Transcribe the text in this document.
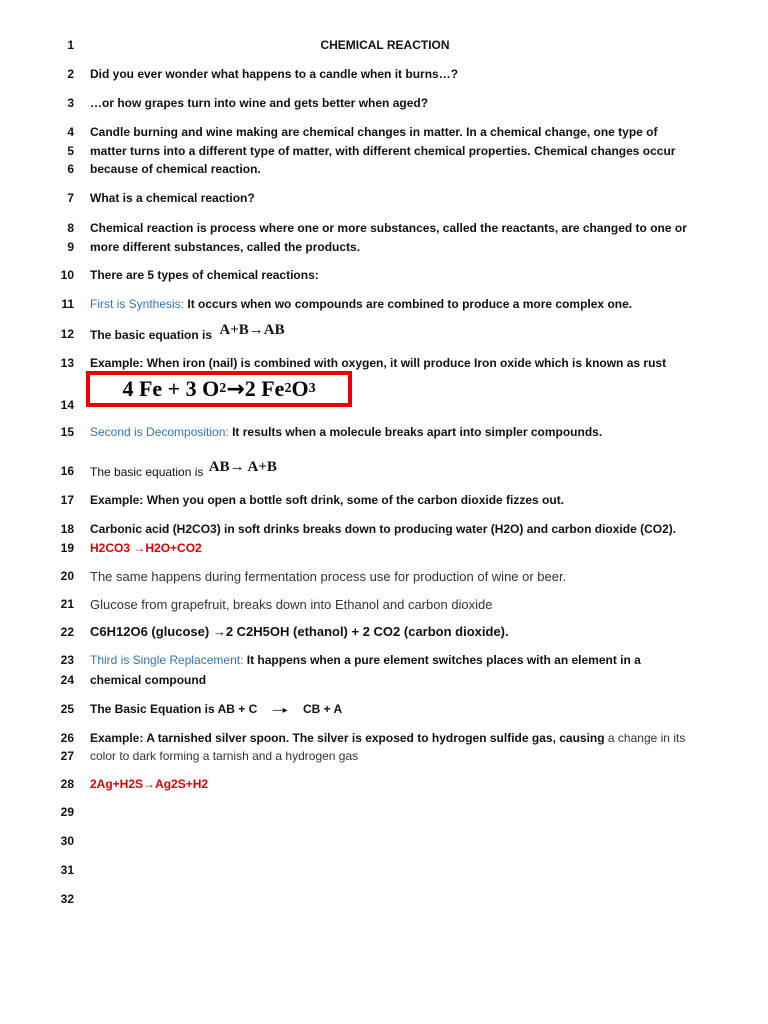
1
2
3
4
5
6
7
8
9
10
11
12
13
14
15
16
17
18
19
20
21
22
23
24
25
26
27
28
29
30
31
32
CHEMICAL REACTION
Did you ever wonder what happens to a candle when it burns…?
…or how grapes turn into wine and gets better when aged?
Candle burning and wine making are chemical changes in matter. In a chemical change, one type of
matter turns into a different type of matter, with different chemical properties. Chemical changes occur
because of chemical reaction.
What is a chemical reaction?
Chemical reaction is process where one or more substances, called the reactants, are changed to one or
more different substances, called the products.
There are 5 types of chemical reactions:
First is Synthesis: It occurs when wo compounds are combined to produce a more complex one.
The basic equation is A+B→AB
Example: When iron (nail) is combined with oxygen, it will produce Iron oxide which is known as rust
4 Fe + 3 O 2 → 2 Fe 2 O 3
Second is Decomposition: It results when a molecule breaks apart into simpler compounds.
The basic equation is AB→ A+B
Example: When you open a bottle soft drink, some of the carbon dioxide fizzes out.
Carbonic acid (H2CO3) in soft drinks breaks down to producing water (H2O) and carbon dioxide (CO2).
H2CO3 →H2O+CO2
The same happens during fermentation process use for production of wine or beer.
Glucose from grapefruit, breaks down into Ethanol and carbon dioxide
C6H12O6 (glucose) →2 C2H5OH (ethanol) + 2 CO2 (carbon dioxide).
Third is Single Replacement: It happens when a pure element switches places with an element in a
chemical compound
The Basic Equation is AB + C —▸ CB + A
Example: A tarnished silver spoon. The silver is exposed to hydrogen sulfide gas, causing a change in its
color to dark forming a tarnish and a hydrogen gas
2Ag+H2S→Ag2S+H2
